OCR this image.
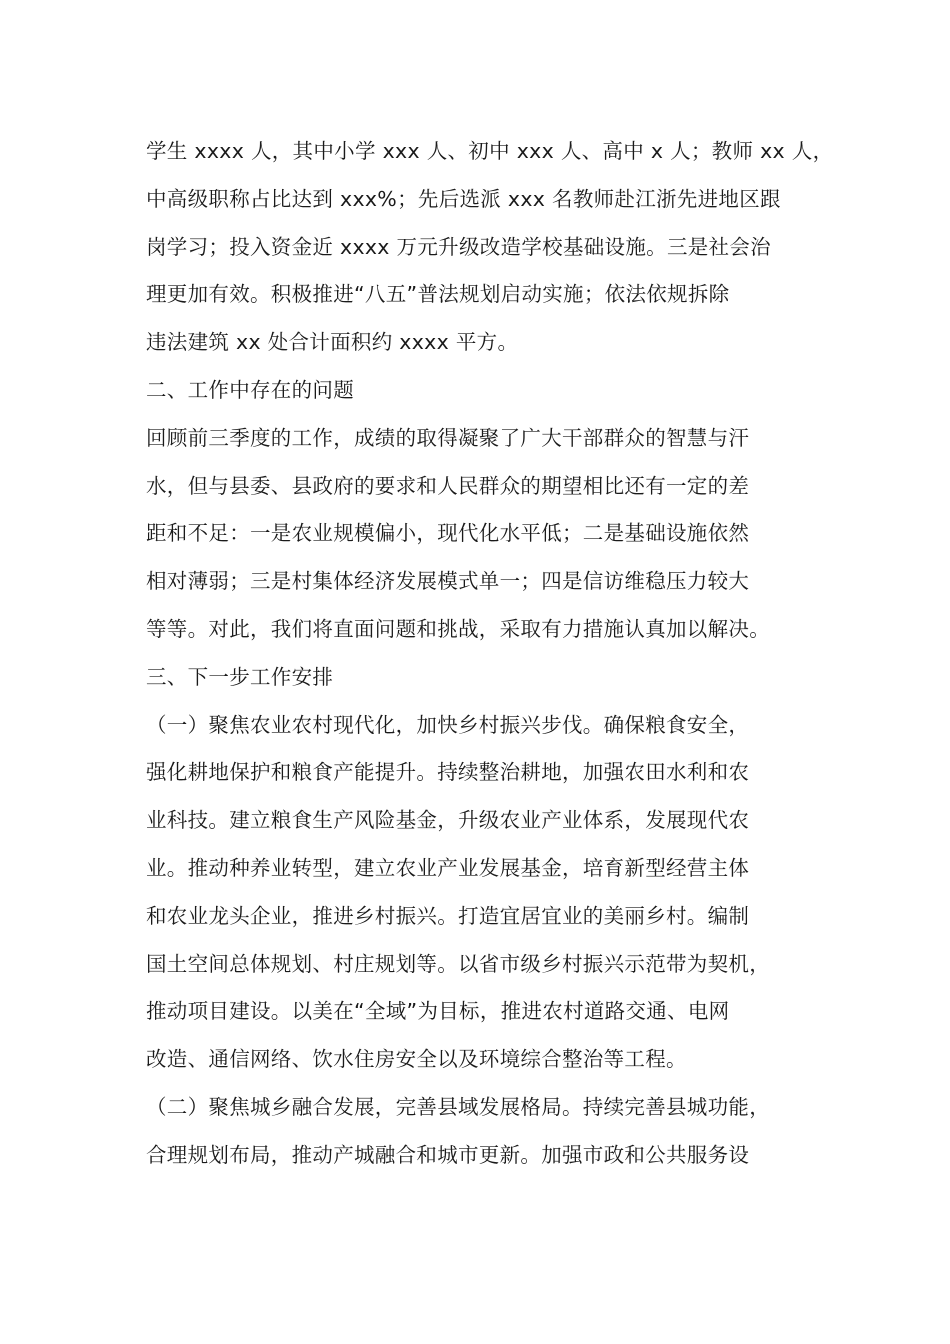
学生 xxxx 人，其中小学 xxx 人、初中 xxx 人、高中 x 人；教师 xx 人，
中高级职称占比达到 xxx%；先后选派 xxx 名教师赴江浙先进地区跟
岗学习；投入资金近 xxxx 万元升级改造学校基础设施。三是社会治
理更加有效。积极推进“八五”普法规划启动实施；依法依规拆除
违法建筑 xx 处合计面积约 xxxx 平方。
二、工作中存在的问题
回顾前三季度的工作，成绩的取得凝聚了广大干部群众的智慧与汗
水，但与县委、县政府的要求和人民群众的期望相比还有一定的差
距和不足：一是农业规模偏小，现代化水平低；二是基础设施依然
相对薄弱；三是村集体经济发展模式单一；四是信访维稳压力较大
等等。对此，我们将直面问题和挑战，采取有力措施认真加以解决。
三、下一步工作安排
（一）聚焦农业农村现代化，加快乡村振兴步伐。确保粮食安全，
强化耕地保护和粮食产能提升。持续整治耕地，加强农田水利和农
业科技。建立粮食生产风险基金，升级农业产业体系，发展现代农
业。推动种养业转型，建立农业产业发展基金，培育新型经营主体
和农业龙头企业，推进乡村振兴。打造宜居宜业的美丽乡村。编制
国土空间总体规划、村庄规划等。以省市级乡村振兴示范带为契机，
推动项目建设。以美在“全域”为目标，推进农村道路交通、电网
改造、通信网络、饮水住房安全以及环境综合整治等工程。
（二）聚焦城乡融合发展，完善县域发展格局。持续完善县城功能，
合理规划布局，推动产城融合和城市更新。加强市政和公共服务设
